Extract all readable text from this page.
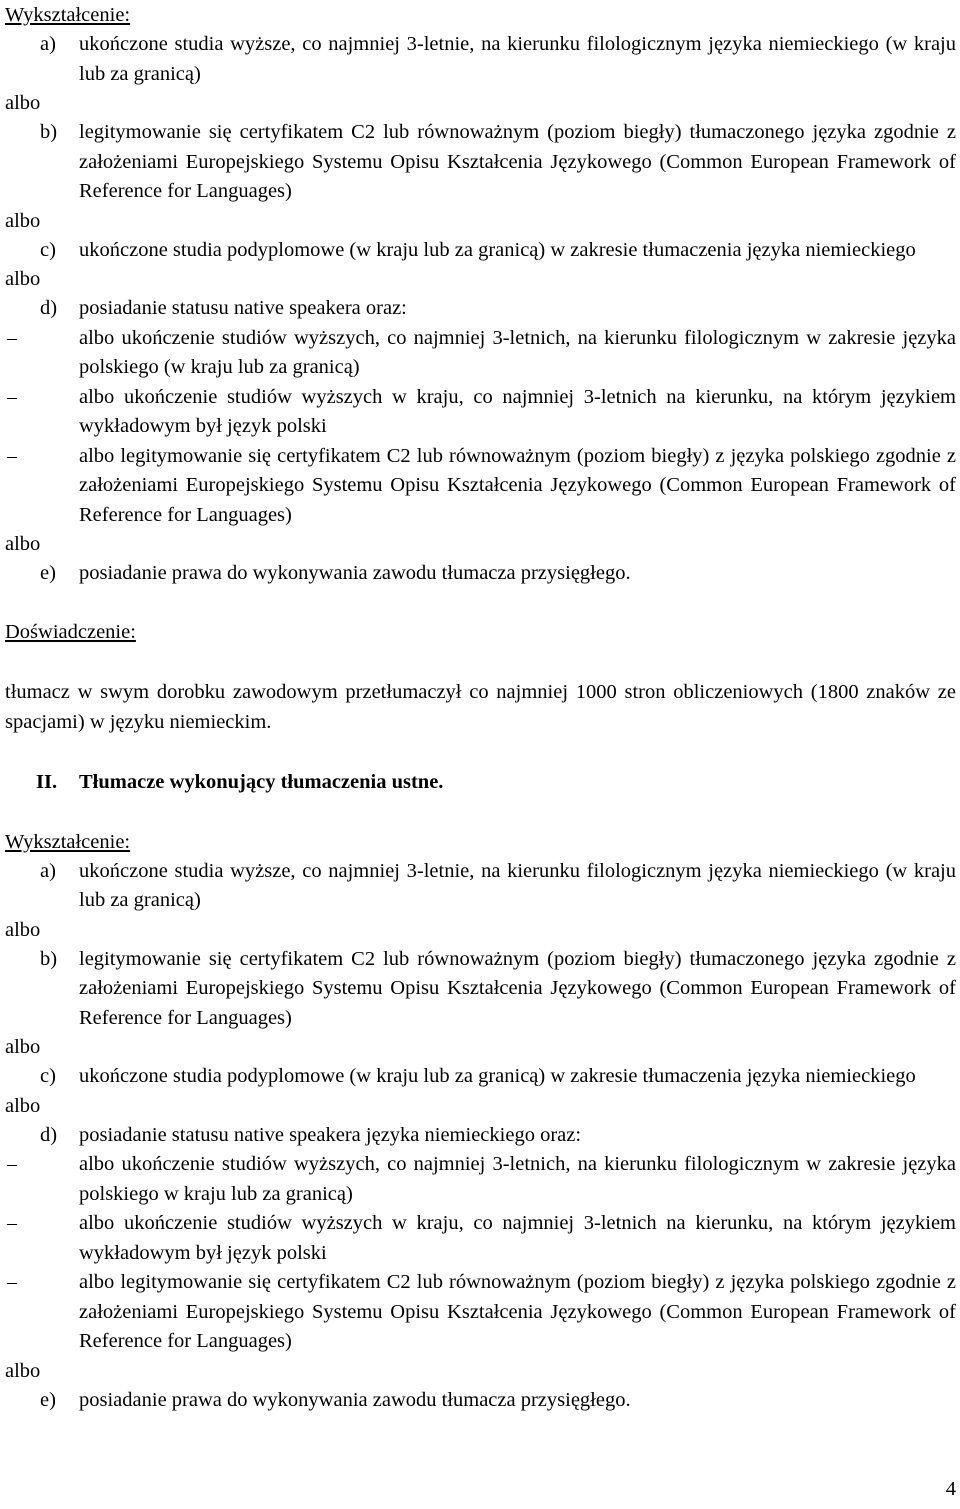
Wykształcenie:
a) ukończone studia wyższe, co najmniej 3-letnie, na kierunku filologicznym języka niemieckiego (w kraju lub za granicą)
albo
b) legitymowanie się certyfikatem C2 lub równoważnym (poziom biegły) tłumaczonego języka zgodnie z założeniami Europejskiego Systemu Opisu Kształcenia Językowego (Common European Framework of Reference for Languages)
albo
c) ukończone studia podyplomowe (w kraju lub za granicą) w zakresie tłumaczenia języka niemieckiego
albo
d) posiadanie statusu native speakera oraz:
–	albo ukończenie studiów wyższych, co najmniej 3-letnich, na kierunku filologicznym w zakresie języka polskiego (w kraju lub za granicą)
–	albo ukończenie studiów wyższych w kraju, co najmniej 3-letnich na kierunku, na którym językiem wykładowym był język polski
–	albo legitymowanie się certyfikatem C2 lub równoważnym (poziom biegły) z języka polskiego zgodnie z założeniami Europejskiego Systemu Opisu Kształcenia Językowego (Common European Framework of Reference for Languages)
albo
e) posiadanie prawa do wykonywania zawodu tłumacza przysięgłego.
Doświadczenie:
tłumacz w swym dorobku zawodowym przetłumaczył co najmniej 1000 stron obliczeniowych (1800 znaków ze spacjami) w języku niemieckim.
II. Tłumacze wykonujący tłumaczenia ustne.
Wykształcenie:
a) ukończone studia wyższe, co najmniej 3-letnie, na kierunku filologicznym języka niemieckiego (w kraju lub za granicą)
albo
b) legitymowanie się certyfikatem C2 lub równoważnym (poziom biegły) tłumaczonego języka zgodnie z założeniami Europejskiego Systemu Opisu Kształcenia Językowego (Common European Framework of Reference for Languages)
albo
c) ukończone studia podyplomowe (w kraju lub za granicą) w zakresie tłumaczenia języka niemieckiego
albo
d) posiadanie statusu native speakera języka niemieckiego oraz:
–	albo ukończenie studiów wyższych, co najmniej 3-letnich, na kierunku filologicznym w zakresie języka polskiego w kraju lub za granicą)
–	albo ukończenie studiów wyższych w kraju, co najmniej 3-letnich na kierunku, na którym językiem wykładowym był język polski
–	albo legitymowanie się certyfikatem C2 lub równoważnym (poziom biegły) z języka polskiego zgodnie z założeniami Europejskiego Systemu Opisu Kształcenia Językowego (Common European Framework of Reference for Languages)
albo
e) posiadanie prawa do wykonywania zawodu tłumacza przysięgłego.
4
